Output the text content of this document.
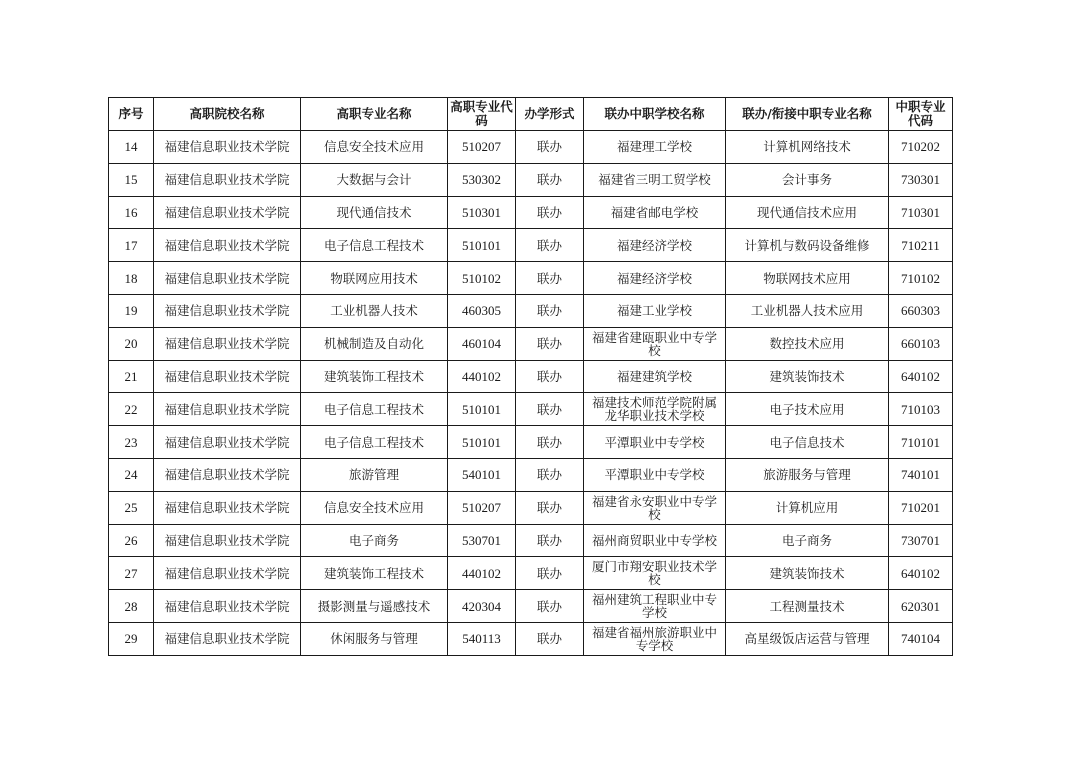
序号	高职院校名称	高职专业名称	高职专业代码	办学形式	联办中职学校名称	联办/衔接中职专业名称	中职专业代码
14	福建信息职业技术学院	信息安全技术应用	510207	联办	福建理工学校	计算机网络技术	710202
15	福建信息职业技术学院	大数据与会计	530302	联办	福建省三明工贸学校	会计事务	730301
16	福建信息职业技术学院	现代通信技术	510301	联办	福建省邮电学校	现代通信技术应用	710301
17	福建信息职业技术学院	电子信息工程技术	510101	联办	福建经济学校	计算机与数码设备维修	710211
18	福建信息职业技术学院	物联网应用技术	510102	联办	福建经济学校	物联网技术应用	710102
19	福建信息职业技术学院	工业机器人技术	460305	联办	福建工业学校	工业机器人技术应用	660303
20	福建信息职业技术学院	机械制造及自动化	460104	联办	福建省建瓯职业中专学校	数控技术应用	660103
21	福建信息职业技术学院	建筑装饰工程技术	440102	联办	福建建筑学校	建筑装饰技术	640102
22	福建信息职业技术学院	电子信息工程技术	510101	联办	福建技术师范学院附属龙华职业技术学校	电子技术应用	710103
23	福建信息职业技术学院	电子信息工程技术	510101	联办	平潭职业中专学校	电子信息技术	710101
24	福建信息职业技术学院	旅游管理	540101	联办	平潭职业中专学校	旅游服务与管理	740101
25	福建信息职业技术学院	信息安全技术应用	510207	联办	福建省永安职业中专学校	计算机应用	710201
26	福建信息职业技术学院	电子商务	530701	联办	福州商贸职业中专学校	电子商务	730701
27	福建信息职业技术学院	建筑装饰工程技术	440102	联办	厦门市翔安职业技术学校	建筑装饰技术	640102
28	福建信息职业技术学院	摄影测量与遥感技术	420304	联办	福州建筑工程职业中专学校	工程测量技术	620301
29	福建信息职业技术学院	休闲服务与管理	540113	联办	福建省福州旅游职业中专学校	高星级饭店运营与管理	740104
